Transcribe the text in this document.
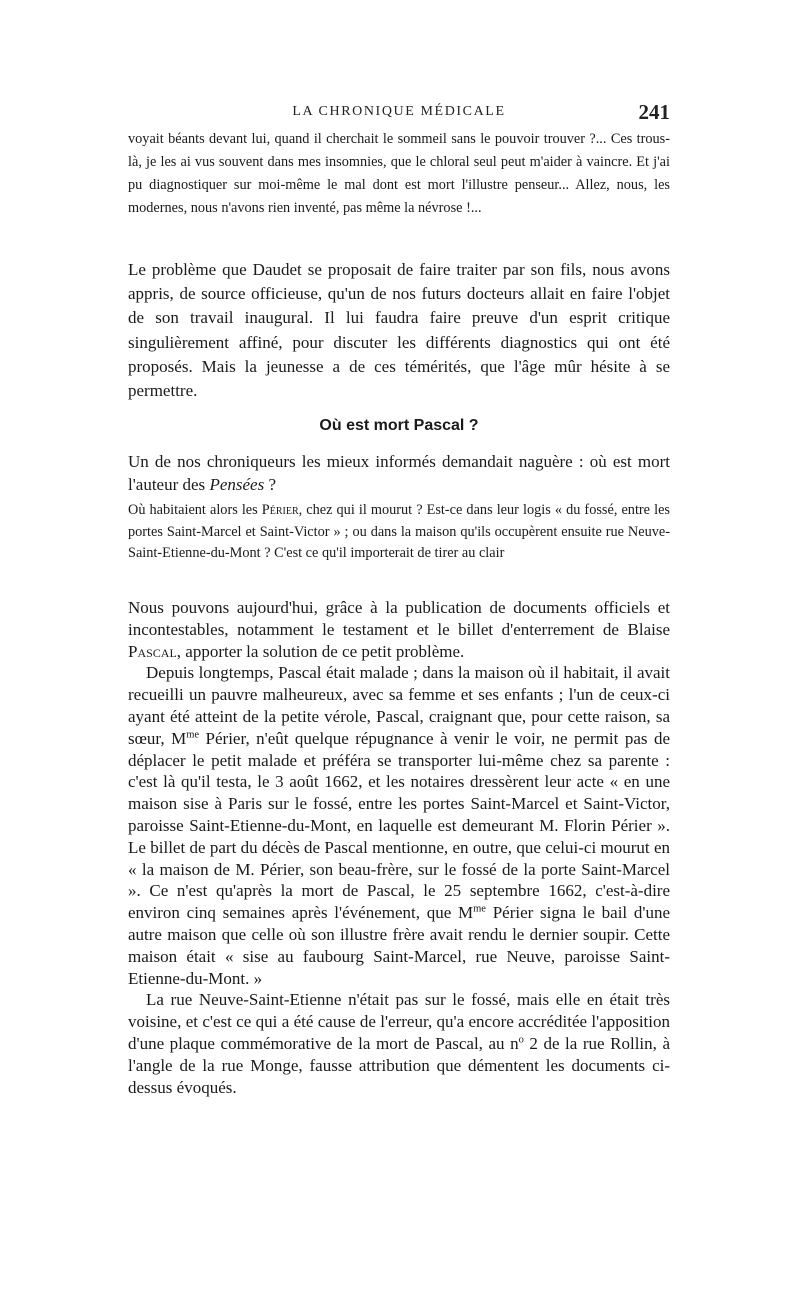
LA CHRONIQUE MÉDICALE	241

voyait béants devant lui, quand il cherchait le sommeil sans le pouvoir trouver ?... Ces trous-là, je les ai vus souvent dans mes insomnies, que le chloral seul peut m'aider à vaincre. Et j'ai pu diagnostiquer sur moi-même le mal dont est mort l'illustre penseur... Allez, nous, les modernes, nous n'avons rien inventé, pas même la névrose !...

Le problème que Daudet se proposait de faire traiter par son fils, nous avons appris, de source officieuse, qu'un de nos futurs docteurs allait en faire l'objet de son travail inaugural. Il lui faudra faire preuve d'un esprit critique singulièrement affiné, pour discuter les différents diagnostics qui ont été proposés. Mais la jeunesse a de ces témérités, que l'âge mûr hésite à se permettre.

Où est mort Pascal ?

Un de nos chroniqueurs les mieux informés demandait naguère : où est mort l'auteur des Pensées ?

Où habitaient alors les Périer, chez qui il mourut ? Est-ce dans leur logis « du fossé, entre les portes Saint-Marcel et Saint-Victor » ; ou dans la maison qu'ils occupèrent ensuite rue Neuve-Saint-Etienne-du-Mont ? C'est ce qu'il importerait de tirer au clair

Nous pouvons aujourd'hui, grâce à la publication de documents officiels et incontestables, notamment le testament et le billet d'enterrement de Blaise Pascal, apporter la solution de ce petit problème.

Depuis longtemps, Pascal était malade ; dans la maison où il habitait, il avait recueilli un pauvre malheureux, avec sa femme et ses enfants ; l'un de ceux-ci ayant été atteint de la petite vérole, Pascal, craignant que, pour cette raison, sa sœur, $M^{me}$ Périer, n'eût quelque répugnance à venir le voir, ne permit pas de déplacer le petit malade et préféra se transporter lui-même chez sa parente : c'est là qu'il testa, le 3 août 1662, et les notaires dressèrent leur acte « en une maison sise à Paris sur le fossé, entre les portes Saint-Marcel et Saint-Victor, paroisse Saint-Etienne-du-Mont, en laquelle est demeurant M. Florin Périer ». Le billet de part du décès de Pascal mentionne, en outre, que celui-ci mourut en « la maison de M. Périer, son beau-frère, sur le fossé de la porte Saint-Marcel ». Ce n'est qu'après la mort de Pascal, le 25 septembre 1662, c'est-à-dire environ cinq semaines après l'événement, que $M^{me}$ Périer signa le bail d'une autre maison que celle où son illustre frère avait rendu le dernier soupir. Cette maison était « sise au faubourg Saint-Marcel, rue Neuve, paroisse Saint-Etienne-du-Mont. »

La rue Neuve-Saint-Etienne n'était pas sur le fossé, mais elle en était très voisine, et c'est ce qui a été cause de l'erreur, qu'a encore accréditée l'apposition d'une plaque commémorative de la mort de Pascal, au $n^o$ 2 de la rue Rollin, à l'angle de la rue Monge, fausse attribution que démentent les documents ci-dessus évoqués.
